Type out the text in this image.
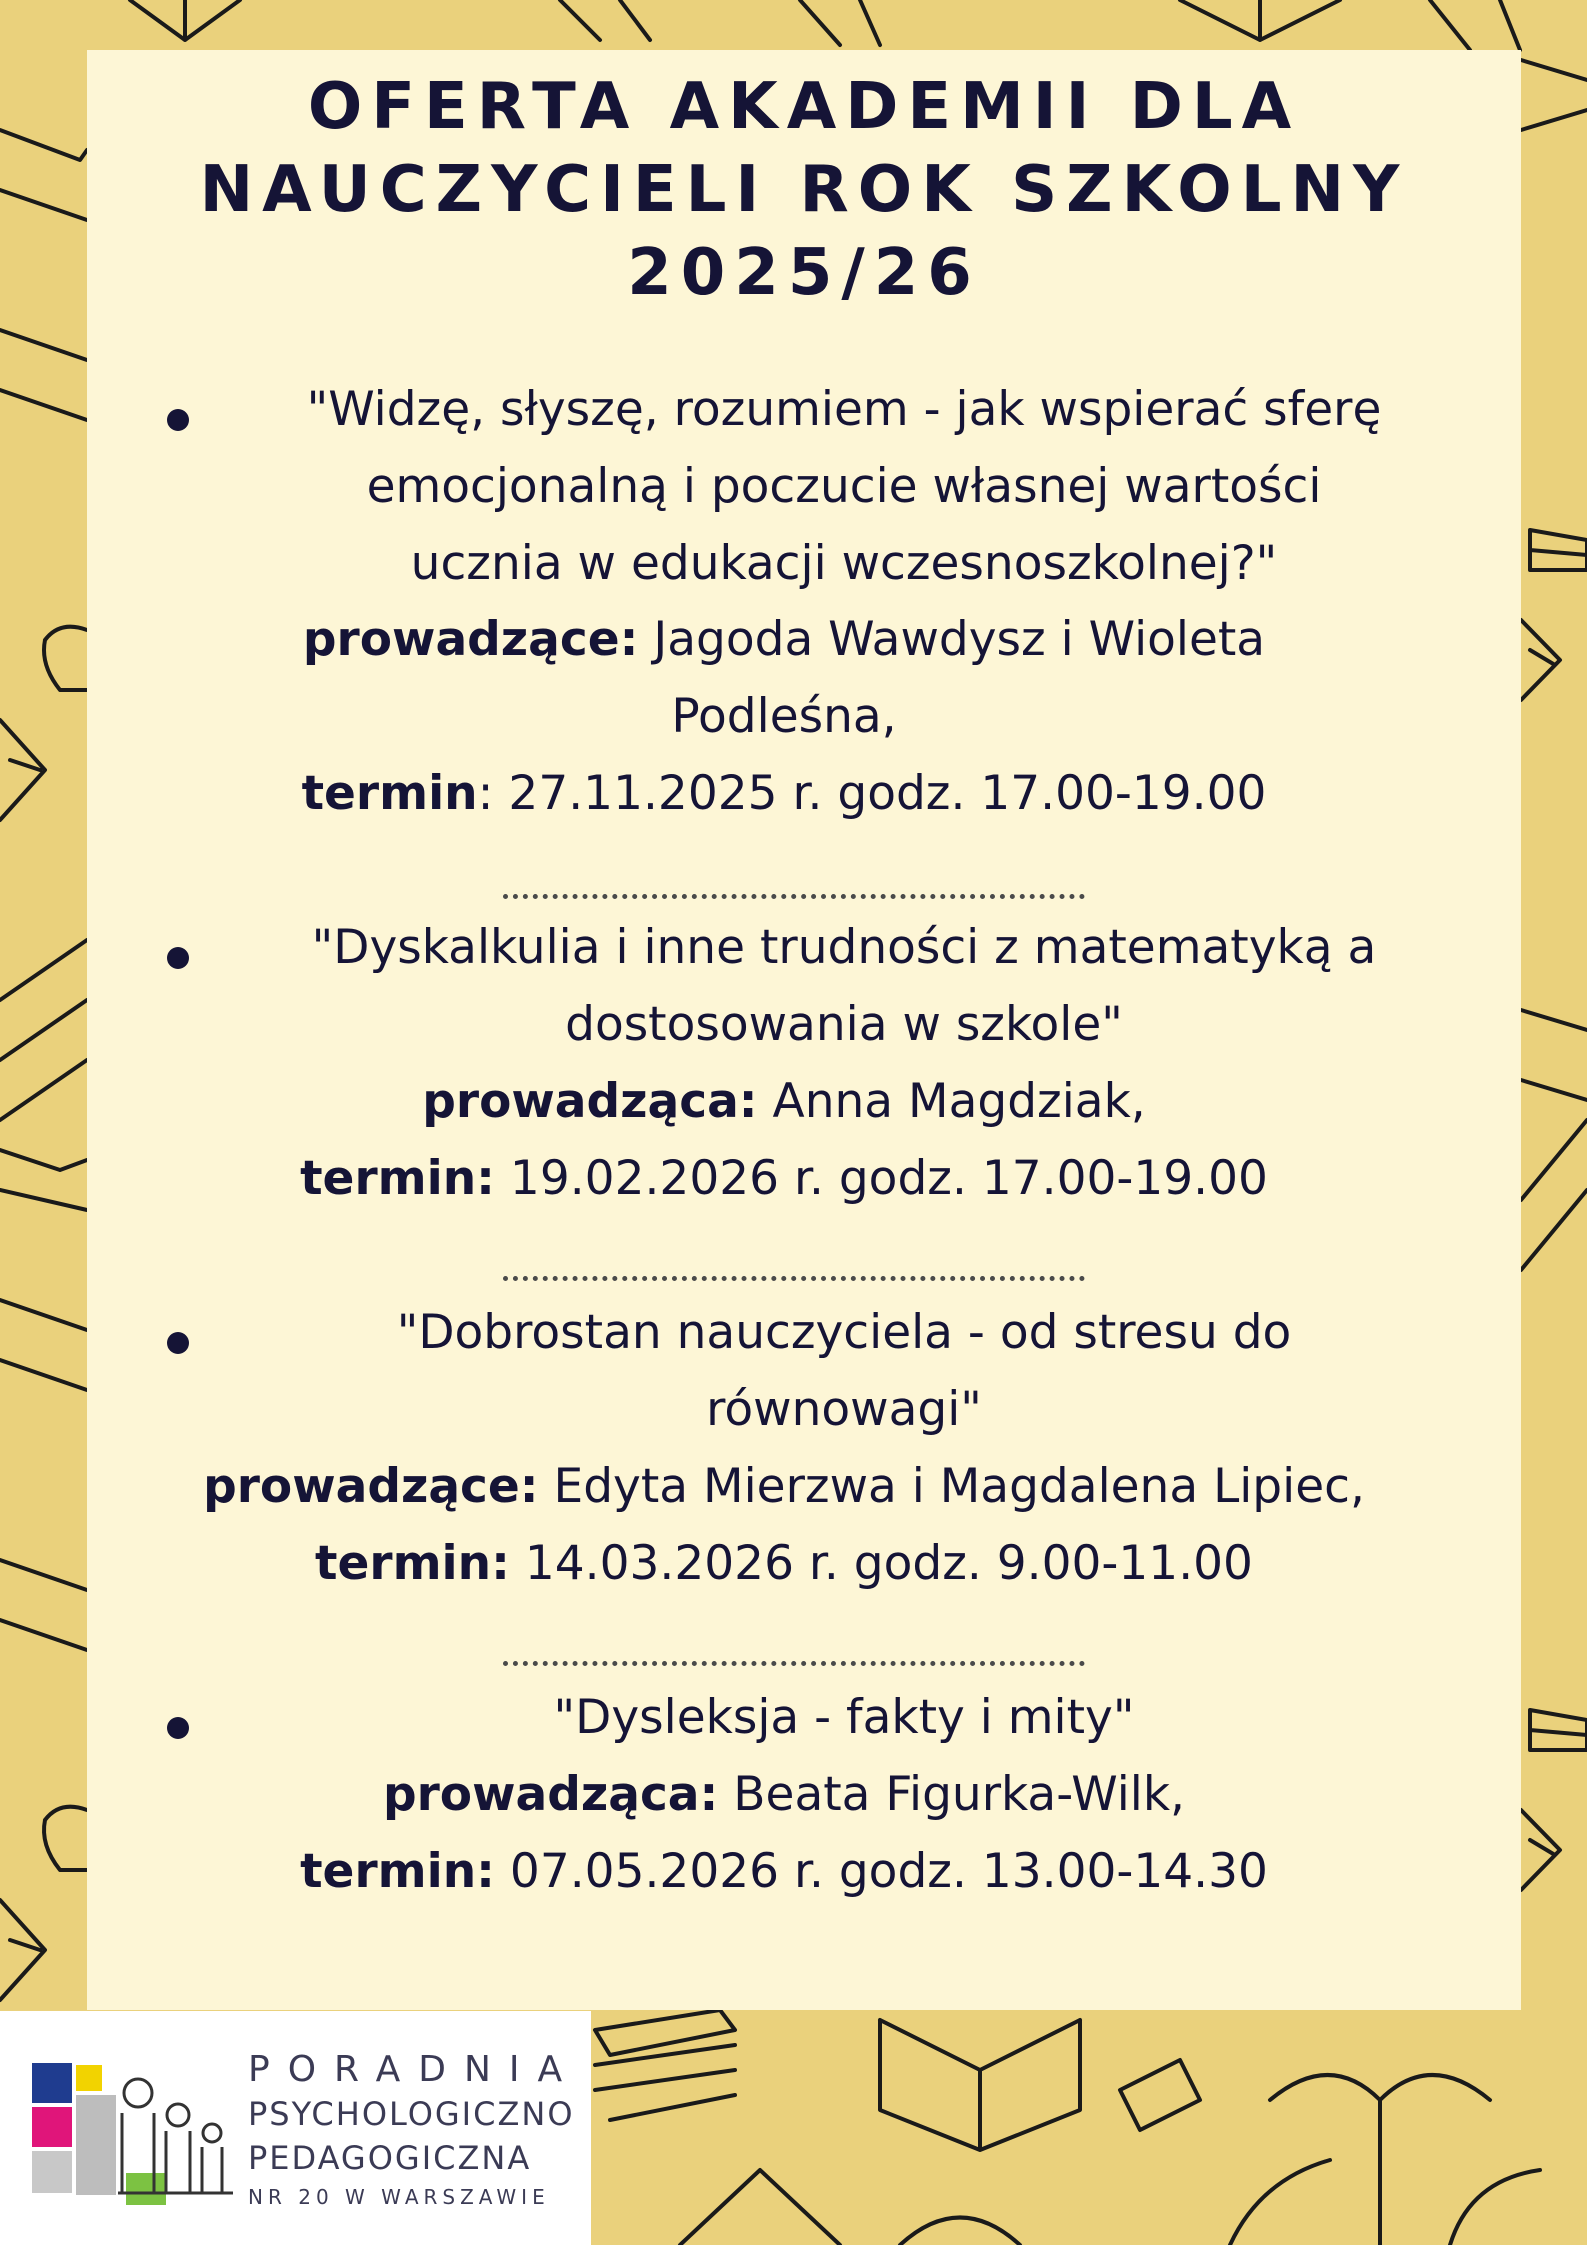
OFERTA AKADEMII DLA
NAUCZYCIELI ROK SZKOLNY
2025/26
"Widzę, słyszę, rozumiem - jak wspierać sferę
emocjonalną i poczucie własnej wartości
ucznia w edukacji wczesnoszkolnej?"
prowadzące: Jagoda Wawdysz i Wioleta
Podleśna,
termin: 27.11.2025 r. godz. 17.00-19.00
"Dyskalkulia i inne trudności z matematyką a
dostosowania w szkole"
prowadząca: Anna Magdziak,
termin: 19.02.2026 r. godz. 17.00-19.00
"Dobrostan nauczyciela - od stresu do
równowagi"
prowadzące: Edyta Mierzwa i Magdalena Lipiec,
termin: 14.03.2026 r. godz. 9.00-11.00
"Dysleksja - fakty i mity"
prowadząca: Beata Figurka-Wilk,
termin: 07.05.2026 r. godz. 13.00-14.30
PORADNIA
PSYCHOLOGICZNO
PEDAGOGICZNA
NR 20 W WARSZAWIE
